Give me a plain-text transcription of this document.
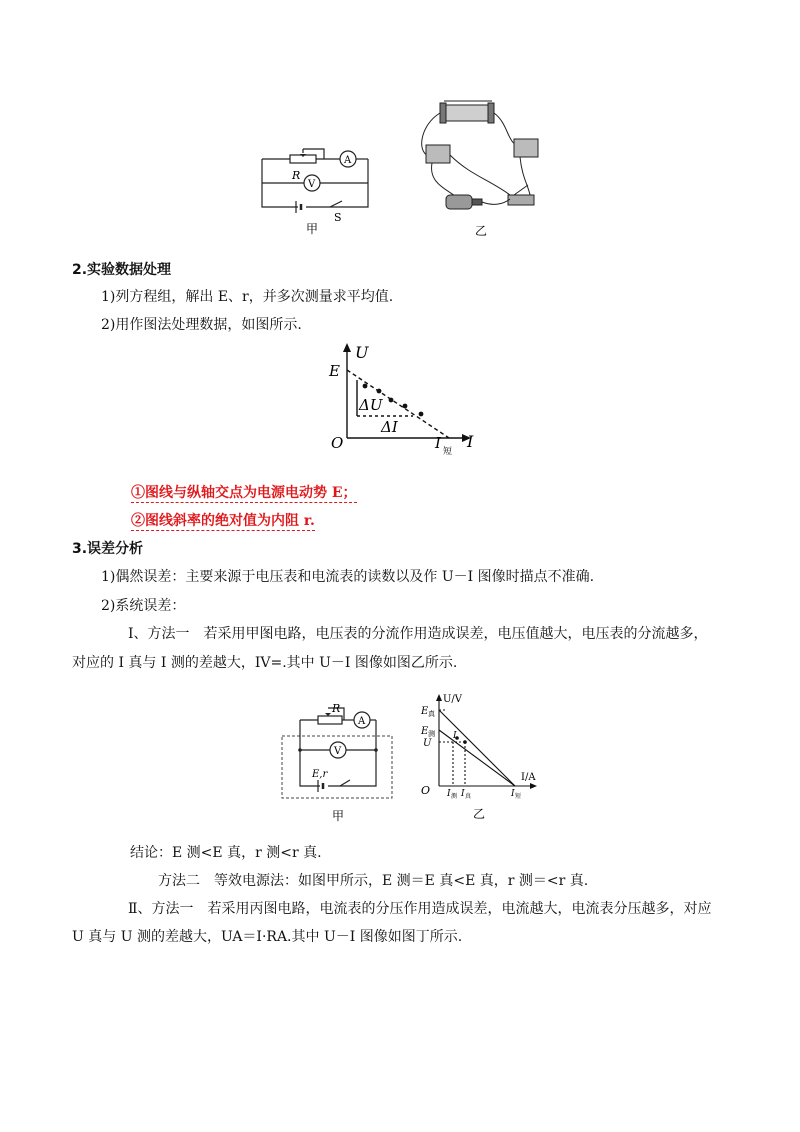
R
A
V
S
甲	乙
2.实验数据处理
1)列方程组，解出 E、r，并多次测量求平均值.
2)用作图法处理数据，如图所示.
U
I
E
O
ΔU
ΔI
I 短
①图线与纵轴交点为电源电动势 E；
②图线斜率的绝对值为内阻 r.
3.误差分析
1)偶然误差：主要来源于电压表和电流表的读数以及作 U－I 图像时描点不准确.
2)系统误差：
Ⅰ、方法一　若采用甲图电路，电压表的分流作用造成误差，电压值越大，电压表的分流越多，
对应的 I 真与 I 测的差越大，IV=.其中 U－I 图像如图乙所示.
R
A
V
E,r
甲
U/V
I/A
O
E 真
E 测
U
I
I 测 I 真	I 短
乙
结论：E 测<E 真，r 测<r 真.
方法二　等效电源法：如图甲所示，E 测＝E 真<E 真，r 测＝<r 真.
Ⅱ、方法一　若采用丙图电路，电流表的分压作用造成误差，电流越大，电流表分压越多，对应
U 真与 U 测的差越大，UA＝I·RA.其中 U－I 图像如图丁所示.
